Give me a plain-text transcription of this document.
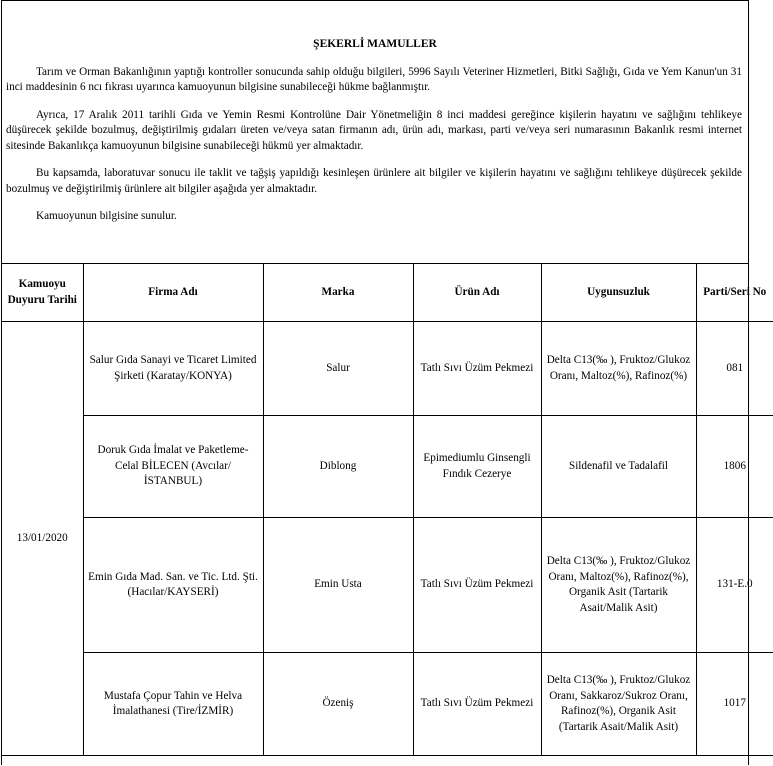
ŞEKERLİ MAMULLER

Tarım ve Orman Bakanlığının yaptığı kontroller sonucunda sahip olduğu bilgileri, 5996 Sayılı Veteriner Hizmetleri, Bitki Sağlığı, Gıda ve Yem Kanun'un 31 inci maddesinin 6 ncı fıkrası uyarınca kamuoyunun bilgisine sunabileceği hükme bağlanmıştır.

Ayrıca, 17 Aralık 2011 tarihli Gıda ve Yemin Resmi Kontrolüne Dair Yönetmeliğin 8 inci maddesi gereğince kişilerin hayatını ve sağlığını tehlikeye düşürecek şekilde bozulmuş, değiştirilmiş gıdaları üreten ve/veya satan firmanın adı, ürün adı, markası, parti ve/veya seri numarasının Bakanlık resmi internet sitesinde Bakanlıkça kamuoyunun bilgisine sunabileceği hükmü yer almaktadır.

Bu kapsamda, laboratuvar sonucu ile taklit ve tağşiş yapıldığı kesinleşen ürünlere ait bilgiler ve kişilerin hayatını ve sağlığını tehlikeye düşürecek şekilde bozulmuş ve değiştirilmiş ürünlere ait bilgiler aşağıda yer almaktadır.

Kamuoyunun bilgisine sunulur.

Kamuoyu Duyuru Tarihi	Firma Adı	Marka	Ürün Adı	Uygunsuzluk	Parti/Seri No
13/01/2020	Salur Gıda Sanayi ve Ticaret Limited Şirketi (Karatay/KONYA)	Salur	Tatlı Sıvı Üzüm Pekmezi	Delta C13(‰ ), Fruktoz/Glukoz Oranı, Maltoz(%), Rafinoz(%)	081
	Doruk Gıda İmalat ve Paketleme-Celal BİLECEN (Avcılar/İSTANBUL)	Diblong	Epimediumlu Ginsengli Fındık Cezerye	Sildenafil ve Tadalafil	1806
	Emin Gıda Mad. San. ve Tic. Ltd. Şti. (Hacılar/KAYSERİ)	Emin Usta	Tatlı Sıvı Üzüm Pekmezi	Delta C13(‰ ), Fruktoz/Glukoz Oranı, Maltoz(%), Rafinoz(%), Organik Asit (Tartarik Asait/Malik Asit)	131-E.0
	Mustafa Çopur Tahin ve Helva İmalathanesi (Tire/İZMİR)	Özeniş	Tatlı Sıvı Üzüm Pekmezi	Delta C13(‰ ), Fruktoz/Glukoz Oranı, Sakkaroz/Sukroz Oranı, Rafinoz(%), Organik Asit (Tartarik Asait/Malik Asit)	1017
